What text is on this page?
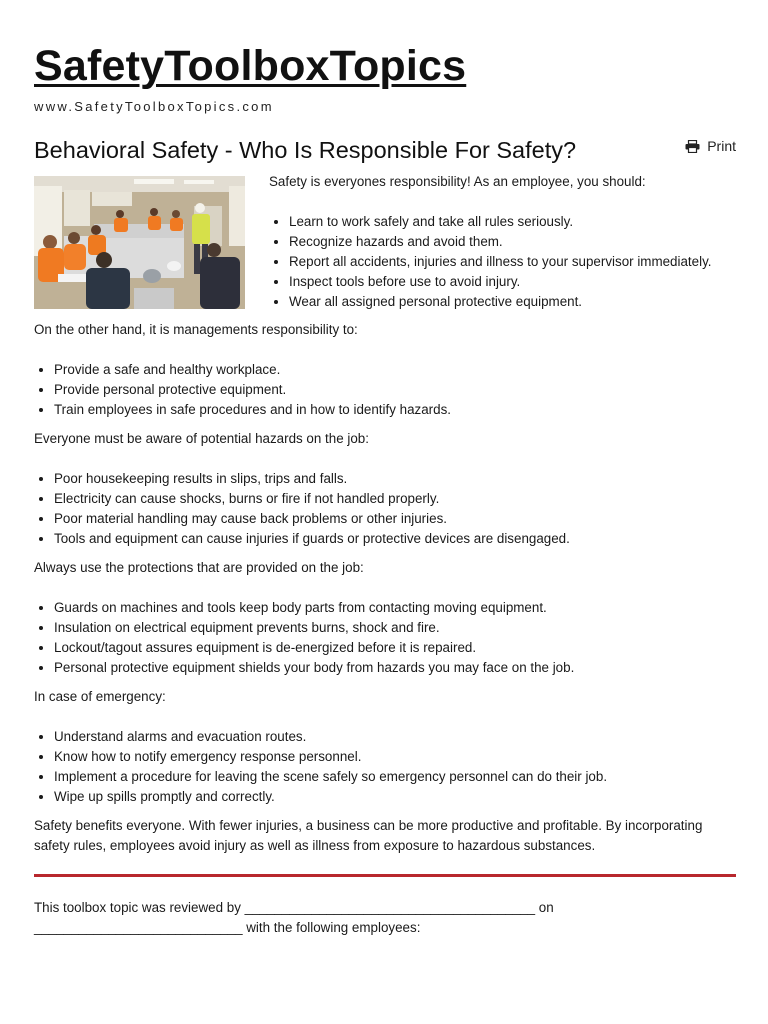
SafetyToolboxTopics
www.SafetyToolboxTopics.com
Behavioral Safety - Who Is Responsible For Safety?	Print

Safety is everyones responsibility! As an employee, you should:

• Learn to work safely and take all rules seriously.
• Recognize hazards and avoid them.
• Report all accidents, injuries and illness to your supervisor immediately.
• Inspect tools before use to avoid injury.
• Wear all assigned personal protective equipment.

On the other hand, it is managements responsibility to:

• Provide a safe and healthy workplace.
• Provide personal protective equipment.
• Train employees in safe procedures and in how to identify hazards.

Everyone must be aware of potential hazards on the job:

• Poor housekeeping results in slips, trips and falls.
• Electricity can cause shocks, burns or fire if not handled properly.
• Poor material handling may cause back problems or other injuries.
• Tools and equipment can cause injuries if guards or protective devices are disengaged.

Always use the protections that are provided on the job:

• Guards on machines and tools keep body parts from contacting moving equipment.
• Insulation on electrical equipment prevents burns, shock and fire.
• Lockout/tagout assures equipment is de-energized before it is repaired.
• Personal protective equipment shields your body from hazards you may face on the job.

In case of emergency:

• Understand alarms and evacuation routes.
• Know how to notify emergency response personnel.
• Implement a procedure for leaving the scene safely so emergency personnel can do their job.
• Wipe up spills promptly and correctly.

Safety benefits everyone. With fewer injuries, a business can be more productive and profitable. By incorporating safety rules, employees avoid injury as well as illness from exposure to hazardous substances.

This toolbox topic was reviewed by _______________________________________ on ____________________________ with the following employees:
